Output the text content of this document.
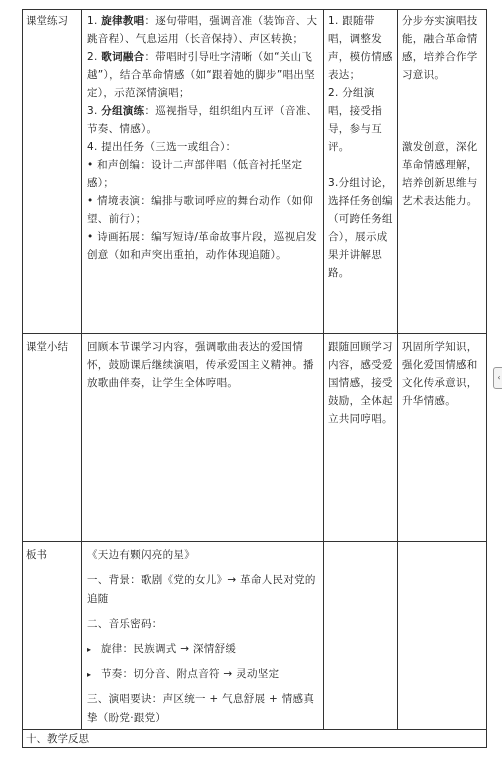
课堂练习 1. 旋律教唱：逐句带唱，强调音准（装饰音、大跳音程）、气息运用（长音保持）、声区转换；

2. 歌词融合：带唱时引导吐字清晰（如“关山飞越”），结合革命情感（如“跟着她的脚步”唱出坚定），示范深情演唱；

3. 分组演练：巡视指导，组织组内互评（音准、节奏、情感）。

4. 提出任务（三选一或组合）：

• 和声创编：设计二声部伴唱（低音衬托坚定感）；

• 情境表演：编排与歌词呼应的舞台动作（如仰望、前行）；

• 诗画拓展：编写短诗/革命故事片段，巡视启发创意（如和声突出重拍，动作体现追随）。

1. 跟随带唱，调整发声，模仿情感表达；

2. 分组演唱，接受指导，参与互评。

3.分组讨论，选择任务创编（可跨任务组合），展示成果并讲解思路。

分步夯实演唱技能，融合革命情感，培养合作学习意识。

激发创意，深化革命情感理解，培养创新思维与艺术表达能力。

课堂小结 回顾本节课学习内容，强调歌曲表达的爱国情怀，鼓励课后继续演唱，传承爱国主义精神。播放歌曲伴奏，让学生全体哼唱。
跟随回顾学习内容，感受爱国情感，接受鼓励，全体起立共同哼唱。
巩固所学知识，强化爱国情感和文化传承意识，升华情感。
板书	《天边有颗闪亮的星》

一、背景：歌剧《党的女儿》→ 革命人民对党的追随

二、音乐密码：

▸ 旋律：民族调式 → 深情舒缓

▸ 节奏：切分音、附点音符 → 灵动坚定

三、演唱要诀：声区统一 + 气息舒展 + 情感真挚（盼党·跟党）

十、教学反思
‹
